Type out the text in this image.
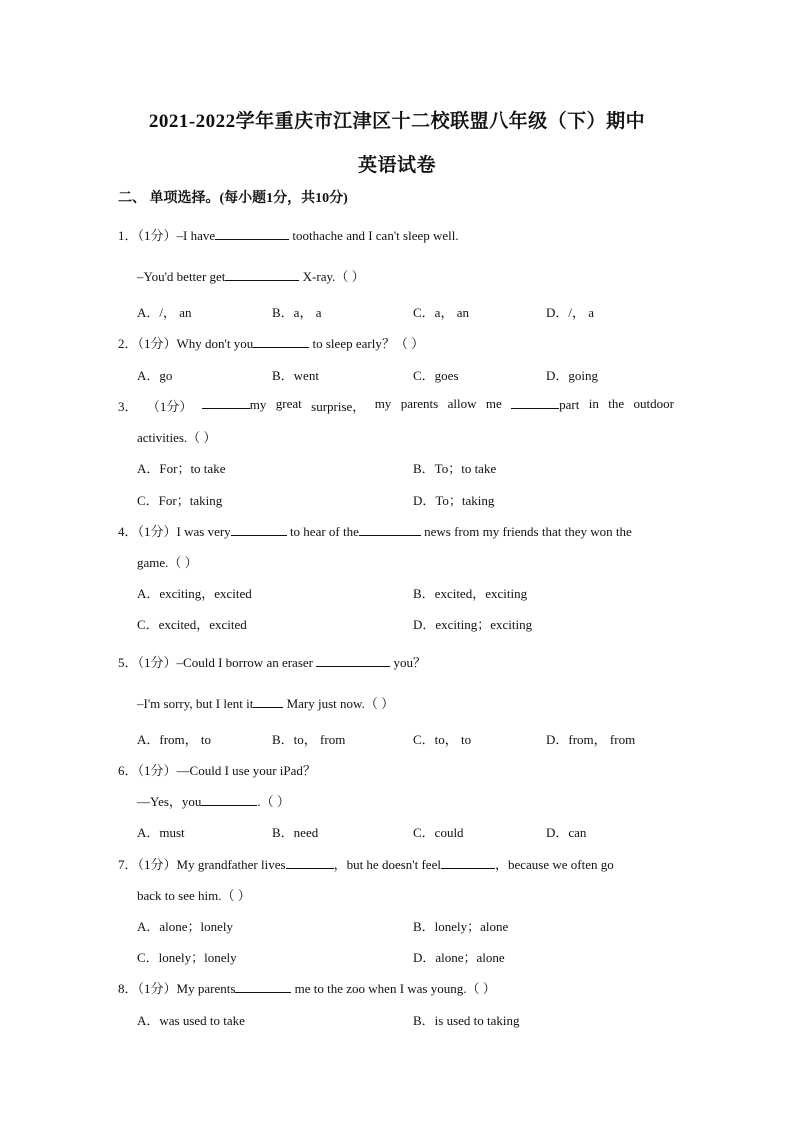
2021-2022学年重庆市江津区十二校联盟八年级（下）期中
英语试卷
二、 单项选择。(每小题1分，共10分)
1．（1分）–I have	toothache and I can't sleep well.
–You'd better get	X-ray.（ ）
A．/， an	B．a， a	C．a， an	D．/， a
2．（1分）Why don't you	to sleep early？（ ）
A．go	B．went	C．goes	D．going
3． （1分）	my great surprise， my parents allow me	part in the outdoor
activities.（ ）
A．For；to take	B．To；to take
C．For；taking	D．To；taking
4．（1分）I was very	to hear of the	news from my friends that they won the
game.（ ）
A．exciting，excited	B．excited，exciting
C．excited，excited	D．exciting；exciting
5．（1分）–Could I borrow an eraser	you？
–I'm sorry, but I lent it Mary just now.（ ）
A．from， to	B．to， from	C．to， to	D．from， from
6．（1分）—Could I use your iPad？
—Yes，you	.（ ）
A．must	B．need	C．could	D．can
7．（1分）My grandfather lives	，but he doesn't feel	，because we often go
back to see him.（ ）
A．alone；lonely	B．lonely；alone
C．lonely；lonely	D．alone；alone
8．（1分）My parents	me to the zoo when I was young.（ ）
A．was used to take	B．is used to taking
